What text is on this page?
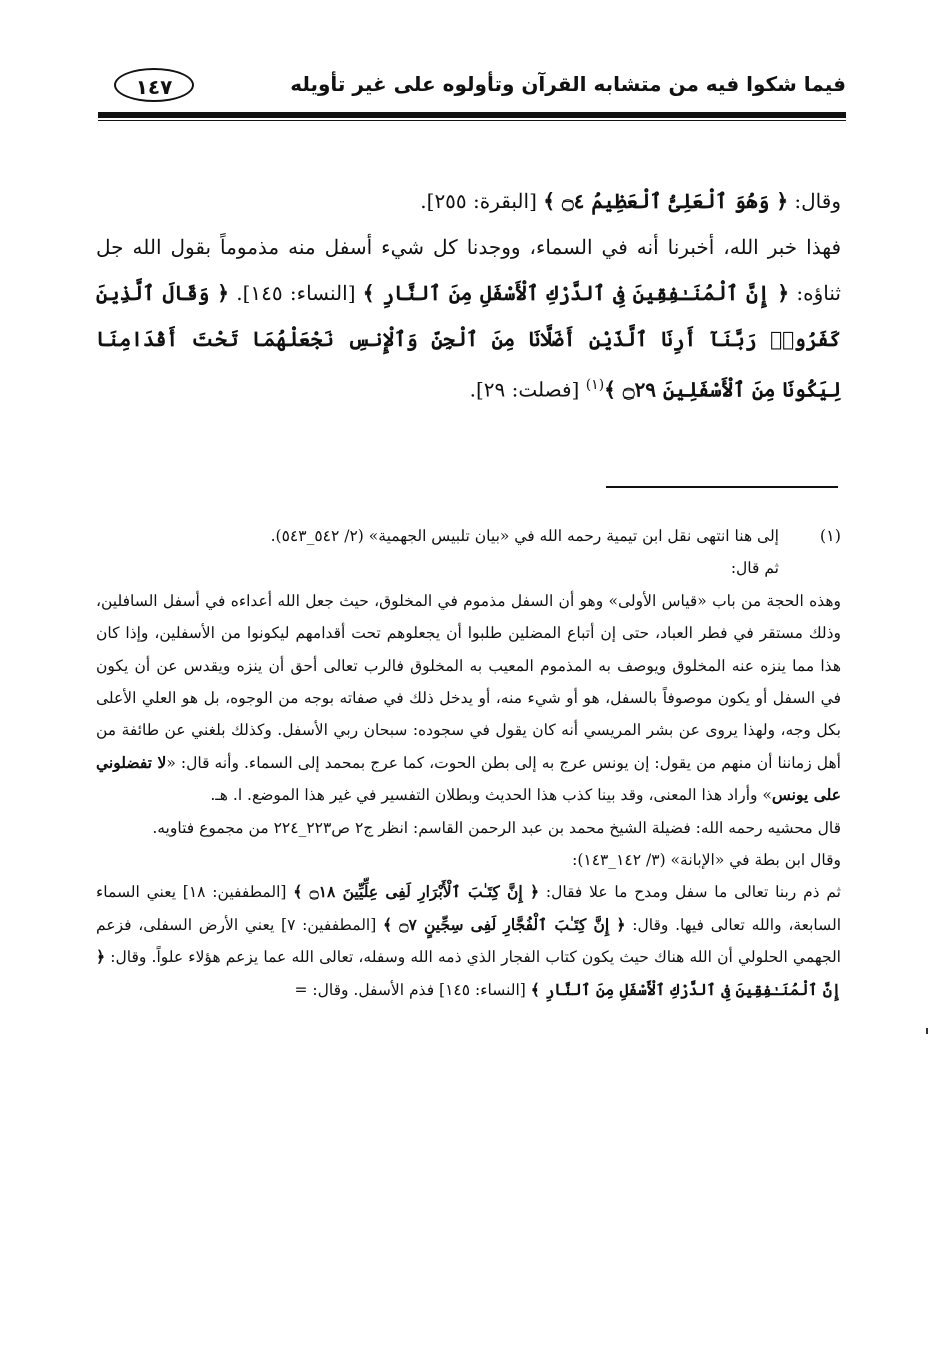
فيما شكوا فيه من متشابه القرآن وتأولوه على غير تأويله
١٤٧

وقال: ﴿ وَهُوَ ٱلْعَلِىُّ ٱلْعَظِيمُ ۝٤ ﴾ [البقرة: ٢٥٥].

فهذا خبر الله، أخبرنا أنه في السماء، ووجدنا كل شيء أسفل منه مذموماً بقول الله جل ثناؤه: ﴿ إِنَّ ٱلْمُنَـٰفِقِينَ فِى ٱلدَّرْكِ ٱلْأَسْفَلِ مِنَ ٱلنَّارِ ﴾ [النساء: ١٤٥]. ﴿ وَقَالَ ٱلَّذِينَ كَفَرُوا۟ رَبَّنَآ أَرِنَا ٱلَّذَيْنِ أَضَلَّانَا مِنَ ٱلْجِنِّ وَٱلْإِنسِ نَجْعَلْهُمَا تَحْتَ أَقْدَامِنَا لِيَكُونَا مِنَ ٱلْأَسْفَلِينَ ۝٢٩ ﴾$^{(١)}$ [فصلت: ٢٩].

(١)

إلى هنا انتهى نقل ابن تيمية رحمه الله في «بيان تلبيس الجهمية» (٢/ ٥٤٢_٥٤٣).

ثم قال:

وهذه الحجة من باب «قياس الأولى» وهو أن السفل مذموم في المخلوق، حيث جعل الله أعداءه في أسفل السافلين، وذلك مستقر في فطر العباد، حتى إن أتباع المضلين طلبوا أن يجعلوهم تحت أقدامهم ليكونوا من الأسفلين، وإذا كان هذا مما ينزه عنه المخلوق ويوصف به المذموم المعيب به المخلوق فالرب تعالى أحق أن ينزه ويقدس عن أن يكون في السفل أو يكون موصوفاً بالسفل، هو أو شيء منه، أو يدخل ذلك في صفاته بوجه من الوجوه، بل هو العلي الأعلى بكل وجه، ولهذا يروى عن بشر المريسي أنه كان يقول في سجوده: سبحان ربي الأسفل. وكذلك بلغني عن طائفة من أهل زماننا أن منهم من يقول: إن يونس عرج به إلى بطن الحوت، كما عرج بمحمد إلى السماء. وأنه قال: «لا تفضلوني على يونس» وأراد هذا المعنى، وقد بينا كذب هذا الحديث وبطلان التفسير في غير هذا الموضع. ا. هـ.

قال محشيه رحمه الله: فضيلة الشيخ محمد بن عبد الرحمن القاسم: انظر ج٢ ص٢٢٣_٢٢٤ من مجموع فتاويه.

وقال ابن بطة في «الإبانة» (٣/ ١٤٢_١٤٣):

ثم ذم ربنا تعالى ما سفل ومدح ما علا فقال: ﴿ إِنَّ كِتَـٰبَ ٱلْأَبْرَارِ لَفِى عِلِّيِّينَ ۝١٨ ﴾ [المطففين: ١٨] يعني السماء السابعة، والله تعالى فيها. وقال: ﴿ إِنَّ كِتَـٰبَ ٱلْفُجَّارِ لَفِى سِجِّينٍ ۝٧ ﴾ [المطففين: ٧] يعني الأرض السفلى، فزعم الجهمي الحلولي أن الله هناك حيث يكون كتاب الفجار الذي ذمه الله وسفله، تعالى الله عما يزعم هؤلاء علواً. وقال: ﴿ إِنَّ ٱلْمُنَـٰفِقِينَ فِى ٱلدَّرْكِ ٱلْأَسْفَلِ مِنَ ٱلنَّارِ ﴾ [النساء: ١٤٥] فذم الأسفل. وقال: =
